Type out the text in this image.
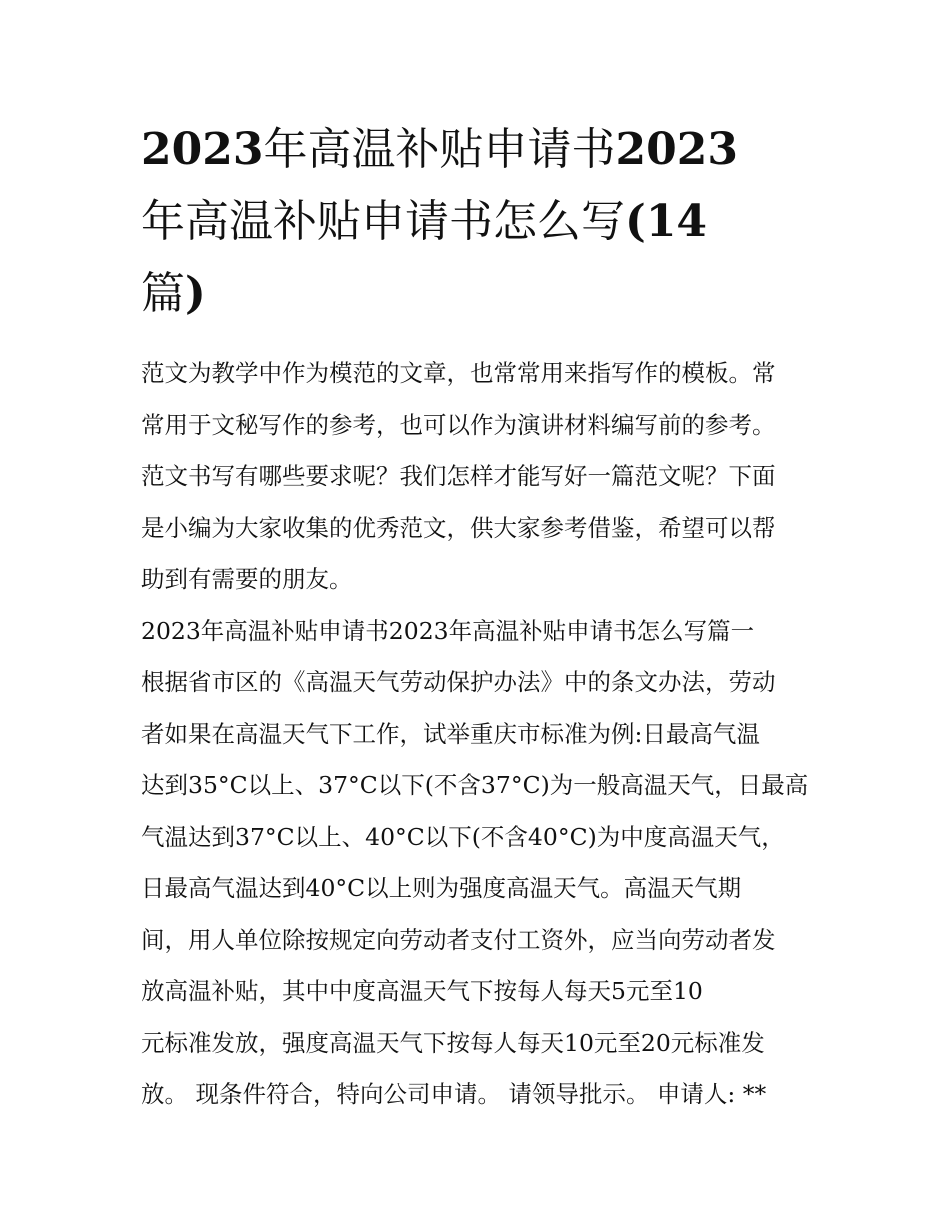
2023年高温补贴申请书2023
年高温补贴申请书怎么写(14
篇)
范文为教学中作为模范的文章，也常常用来指写作的模板。常
常用于文秘写作的参考，也可以作为演讲材料编写前的参考。
范文书写有哪些要求呢？我们怎样才能写好一篇范文呢？下面
是小编为大家收集的优秀范文，供大家参考借鉴，希望可以帮
助到有需要的朋友。
2023年高温补贴申请书2023年高温补贴申请书怎么写篇一
根据省市区的《高温天气劳动保护办法》中的条文办法，劳动
者如果在高温天气下工作，试举重庆市标准为例:日最高气温
达到35°C以上、37°C以下(不含37°C)为一般高温天气，日最高
气温达到37°C以上、40°C以下(不含40°C)为中度高温天气，
日最高气温达到40°C以上则为强度高温天气。高温天气期
间，用人单位除按规定向劳动者支付工资外，应当向劳动者发
放高温补贴，其中中度高温天气下按每人每天5元至10
元标准发放，强度高温天气下按每人每天10元至20元标准发
放。 现条件符合，特向公司申请。 请领导批示。 申请人: **
